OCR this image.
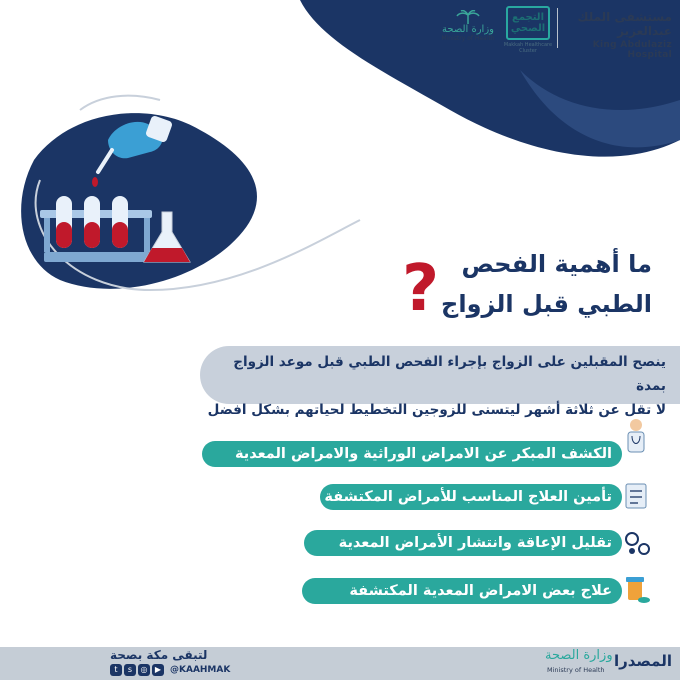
?
مستشفى الملك عبدالعزيز
King Abdulaziz Hospital
التجمع الصحي
Makkah Healthcare Cluster
وزارة الصحة
Ministry of Health
ما أهمية الفحص
الطبي قبل الزواج
ينصح المقبلين على الزواج بإجراء الفحص الطبي قبل موعد الزواج بمدة
لا تقل عن ثلاثة أشهر ليتسنى للزوجين التخطيط لحياتهم بشكل افضل
الكشف المبكر عن الامراض الوراثية والامراض المعدية
تأمين العلاج المناسب للأمراض المكتشفة
تقليل الإعاقة وانتشار الأمراض المعدية
علاج بعض الامراض المعدية المكتشفة
المصدرا
وزارة الصحة
Ministry of Health
لتبقى مكة بصحة
@KAAHMAK
t	s	◎ ▶
